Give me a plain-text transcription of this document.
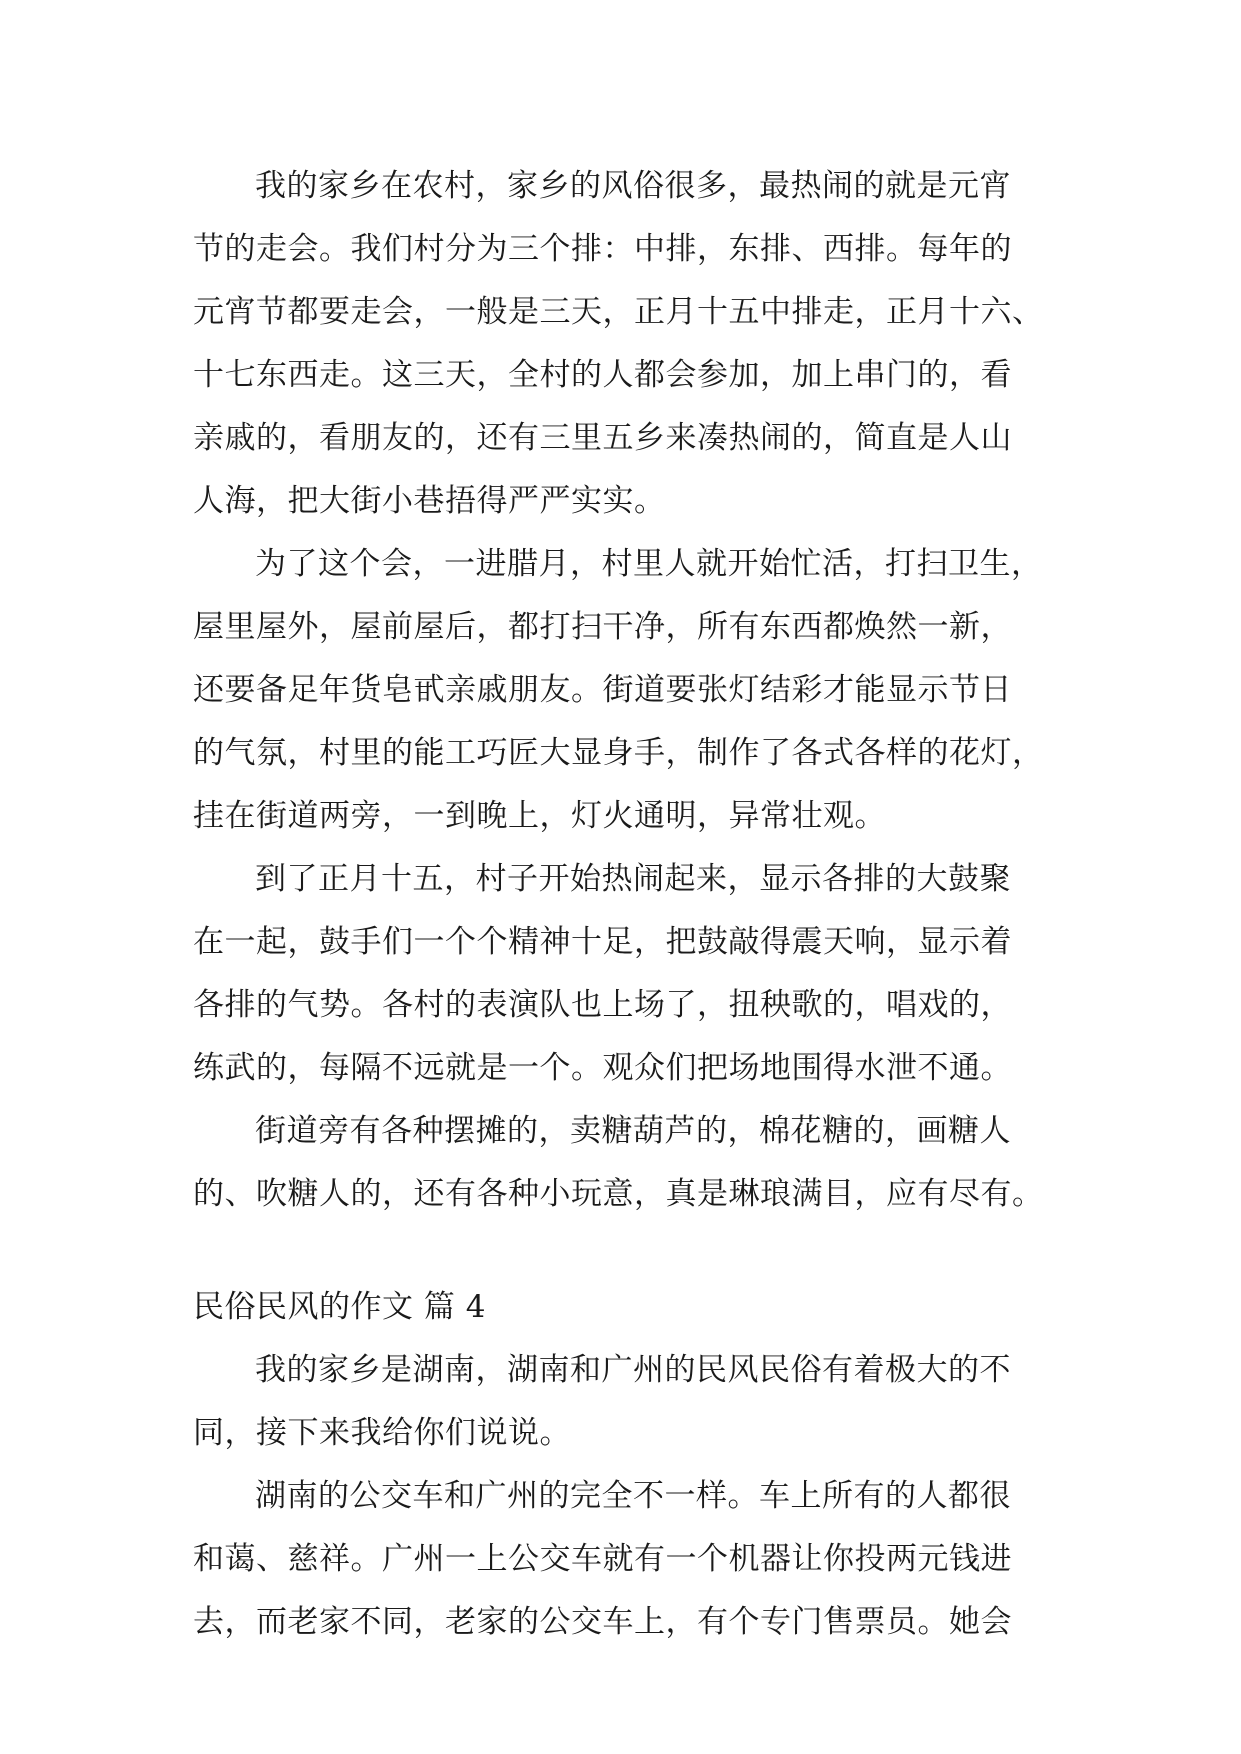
我的家乡在农村，家乡的风俗很多，最热闹的就是元宵
节的走会。我们村分为三个排：中排，东排、西排。每年的
元宵节都要走会，一般是三天，正月十五中排走，正月十六、
十七东西走。这三天，全村的人都会参加，加上串门的，看
亲戚的，看朋友的，还有三里五乡来凑热闹的，简直是人山
人海，把大街小巷捂得严严实实。
为了这个会，一进腊月，村里人就开始忙活，打扫卫生，
屋里屋外，屋前屋后，都打扫干净，所有东西都焕然一新，
还要备足年货皂甙亲戚朋友。街道要张灯结彩才能显示节日
的气氛，村里的能工巧匠大显身手，制作了各式各样的花灯，
挂在街道两旁，一到晚上，灯火通明，异常壮观。
到了正月十五，村子开始热闹起来，显示各排的大鼓聚
在一起，鼓手们一个个精神十足，把鼓敲得震天响，显示着
各排的气势。各村的表演队也上场了，扭秧歌的，唱戏的，
练武的，每隔不远就是一个。观众们把场地围得水泄不通。
街道旁有各种摆摊的，卖糖葫芦的，棉花糖的，画糖人
的、吹糖人的，还有各种小玩意，真是琳琅满目，应有尽有。
民俗民风的作文 篇 4
我的家乡是湖南，湖南和广州的民风民俗有着极大的不
同，接下来我给你们说说。
湖南的公交车和广州的完全不一样。车上所有的人都很
和蔼、慈祥。广州一上公交车就有一个机器让你投两元钱进
去，而老家不同，老家的公交车上，有个专门售票员。她会
